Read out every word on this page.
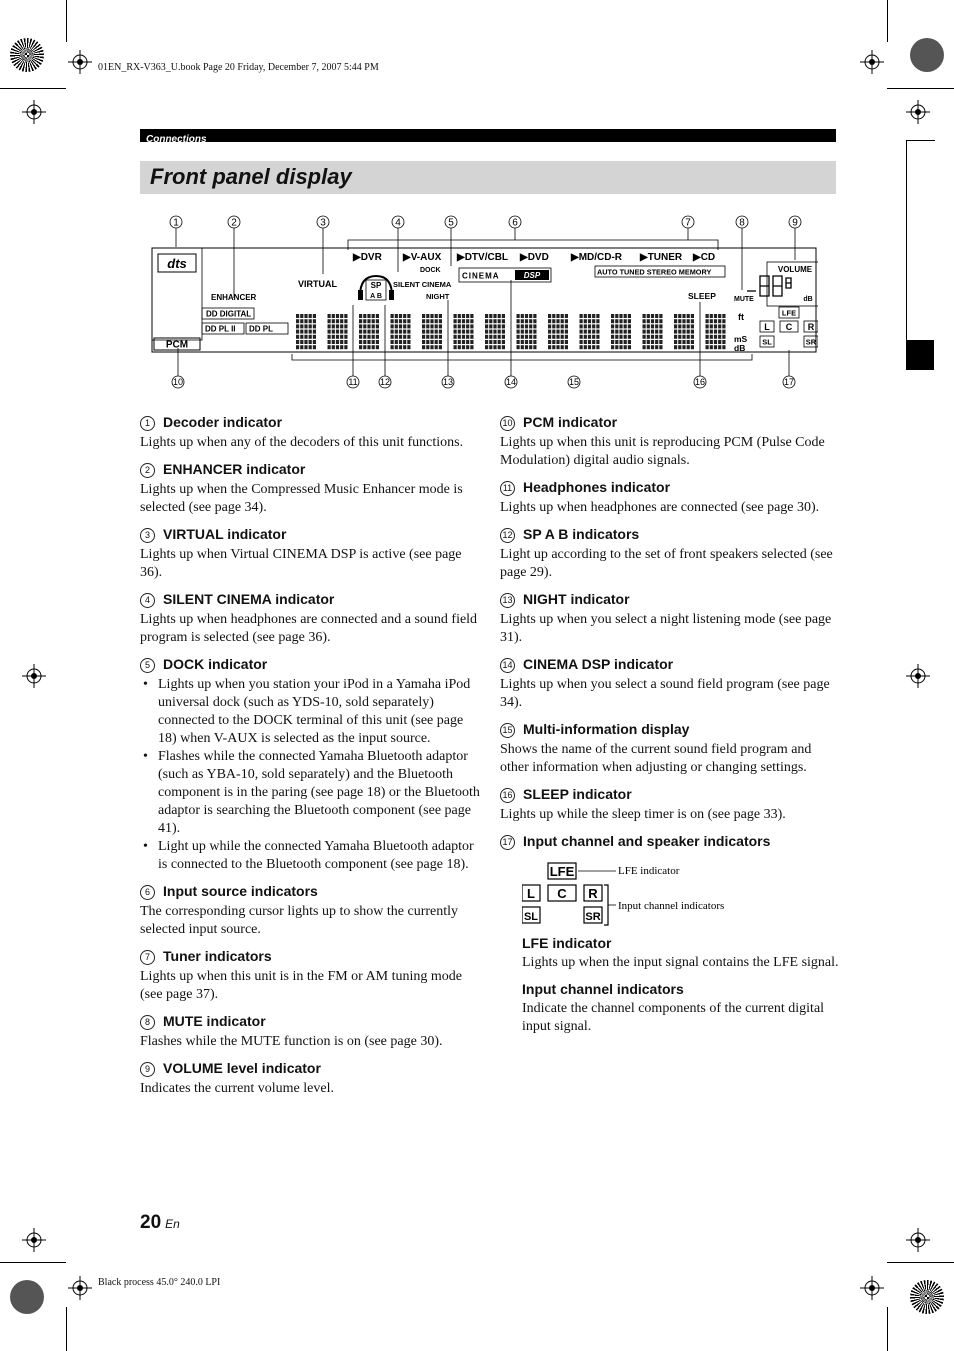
01EN_RX-V363_U.book Page 20 Friday, December 7, 2007 5:44 PM
Black process 45.0° 240.0 LPI
Connections
Front panel display
1	2	3	4	5	6	7	8	9
10	11 12	13	14	15	16	17
dts
ENHANCER
DD DIGITAL
DD PL II DD PL
PCM
▶DVR ▶V-AUX ▶DTV/CBL ▶DVD ▶MD/CD-R ▶TUNER ▶CD
VIRTUAL	SP
A B
DOCK
SILENT CINEMA
NIGHT
CINEMA	DSP	AUTO TUNED STEREO MEMORY
SLEEP	MUTE
VOLUME
dB
ft
mS
dB
LFE
L C R
SL	SR
1 Decoder indicator

Lights up when any of the decoders of this unit functions.

2 ENHANCER indicator

Lights up when the Compressed Music Enhancer mode is selected (see page 34).

3 VIRTUAL indicator

Lights up when Virtual CINEMA DSP is active (see page 36).

4 SILENT CINEMA indicator

Lights up when headphones are connected and a sound field program is selected (see page 36).

5 DOCK indicator
• Lights up when you station your iPod in a Yamaha iPod universal dock (such as YDS-10, sold separately) connected to the DOCK terminal of this unit (see page 18) when V-AUX is selected as the input source.
• Flashes while the connected Yamaha Bluetooth adaptor (such as YBA-10, sold separately) and the Bluetooth component is in the paring (see page 18) or the Bluetooth adaptor is searching the Bluetooth component (see page 41).
• Light up while the connected Yamaha Bluetooth adaptor is connected to the Bluetooth component (see page 18).
6 Input source indicators

The corresponding cursor lights up to show the currently selected input source.

7 Tuner indicators

Lights up when this unit is in the FM or AM tuning mode (see page 37).

8 MUTE indicator

Flashes while the MUTE function is on (see page 30).

9 VOLUME level indicator

Indicates the current volume level.

10 PCM indicator

Lights up when this unit is reproducing PCM (Pulse Code Modulation) digital audio signals.

11 Headphones indicator

Lights up when headphones are connected (see page 30).

12 SP A B indicators

Light up according to the set of front speakers selected (see page 29).

13 NIGHT indicator

Lights up when you select a night listening mode (see page 31).

14 CINEMA DSP indicator

Lights up when you select a sound field program (see page 34).

15 Multi-information display

Shows the name of the current sound field program and other information when adjusting or changing settings.

16 SLEEP indicator

Lights up while the sleep timer is on (see page 33).

17 Input channel and speaker indicators
LFE	LFE indicator
L C R
SL	SR
Input channel indicators
LFE indicator

Lights up when the input signal contains the LFE signal.

Input channel indicators

Indicate the channel components of the current digital input signal.

20 En
